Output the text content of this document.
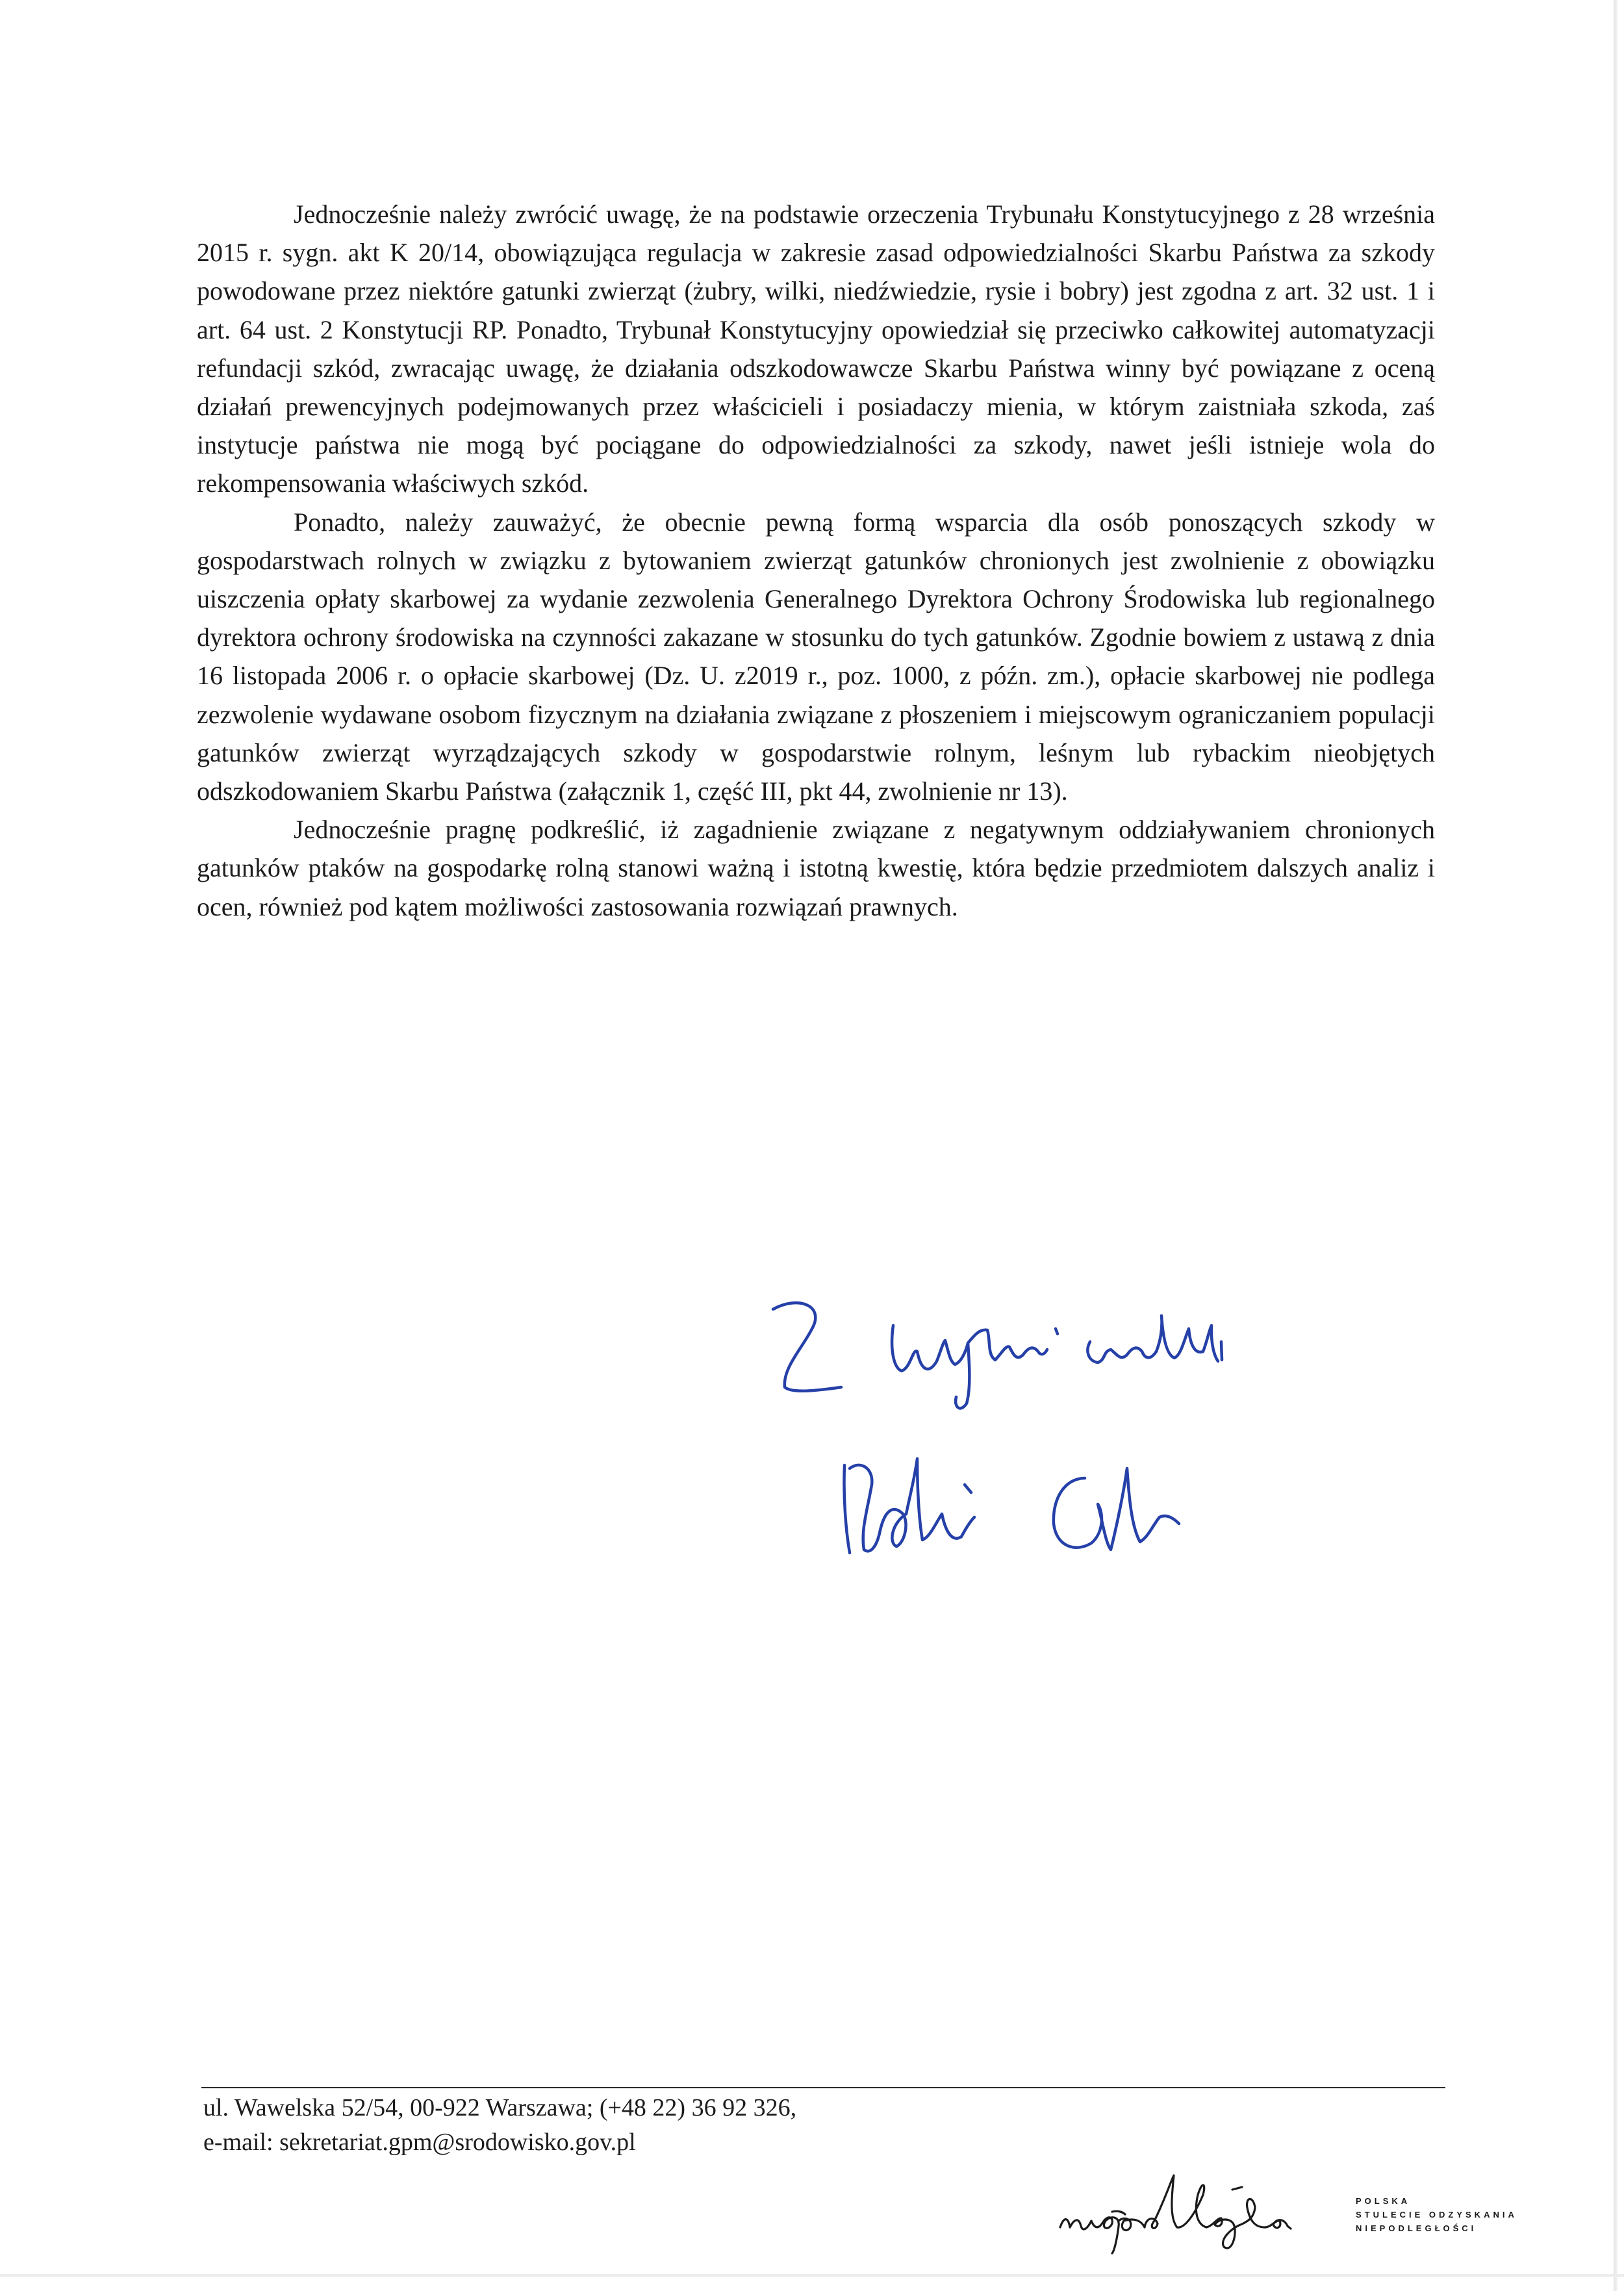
Jednocześnie należy zwrócić uwagę, że na podstawie orzeczenia Trybunału Konstytucyjnego z 28 września 2015 r. sygn. akt K 20/14, obowiązująca regulacja w zakresie zasad odpowiedzialności Skarbu Państwa za szkody powodowane przez niektóre gatunki zwierząt (żubry, wilki, niedźwiedzie, rysie i bobry) jest zgodna z art. 32 ust. 1 i art. 64 ust. 2 Konstytucji RP. Ponadto, Trybunał Konstytucyjny opowiedział się przeciwko całkowitej automatyzacji refundacji szkód, zwracając uwagę, że działania odszkodowawcze Skarbu Państwa winny być powiązane z oceną działań prewencyjnych podejmowanych przez właścicieli i posiadaczy mienia, w którym zaistniała szkoda, zaś instytucje państwa nie mogą być pociągane do odpowiedzialności za szkody, nawet jeśli istnieje wola do rekompensowania właściwych szkód.

Ponadto, należy zauważyć, że obecnie pewną formą wsparcia dla osób ponoszących szkody w gospodarstwach rolnych w związku z bytowaniem zwierząt gatunków chronionych jest zwolnienie z obowiązku uiszczenia opłaty skarbowej za wydanie zezwolenia Generalnego Dyrektora Ochrony Środowiska lub regionalnego dyrektora ochrony środowiska na czynności zakazane w stosunku do tych gatunków. Zgodnie bowiem z ustawą z dnia 16 listopada 2006 r. o opłacie skarbowej (Dz. U. z2019 r., poz. 1000, z późn. zm.), opłacie skarbowej nie podlega zezwolenie wydawane osobom fizycznym na działania związane z płoszeniem i miejscowym ograniczaniem populacji gatunków zwierząt wyrządzających szkody w gospodarstwie rolnym, leśnym lub rybackim nieobjętych odszkodowaniem Skarbu Państwa (załącznik 1, część III, pkt 44, zwolnienie nr 13).

Jednocześnie pragnę podkreślić, iż zagadnienie związane z negatywnym oddziaływaniem chronionych gatunków ptaków na gospodarkę rolną stanowi ważną i istotną kwestię, która będzie przedmiotem dalszych analiz i ocen, również pod kątem możliwości zastosowania rozwiązań prawnych.

ul. Wawelska 52/54, 00-922 Warszawa; (+48 22) 36 92 326,
e-mail: sekretariat.gpm@srodowisko.gov.pl
POLSKA
STULECIE ODZYSKANIA
NIEPODLEGŁOŚCI
